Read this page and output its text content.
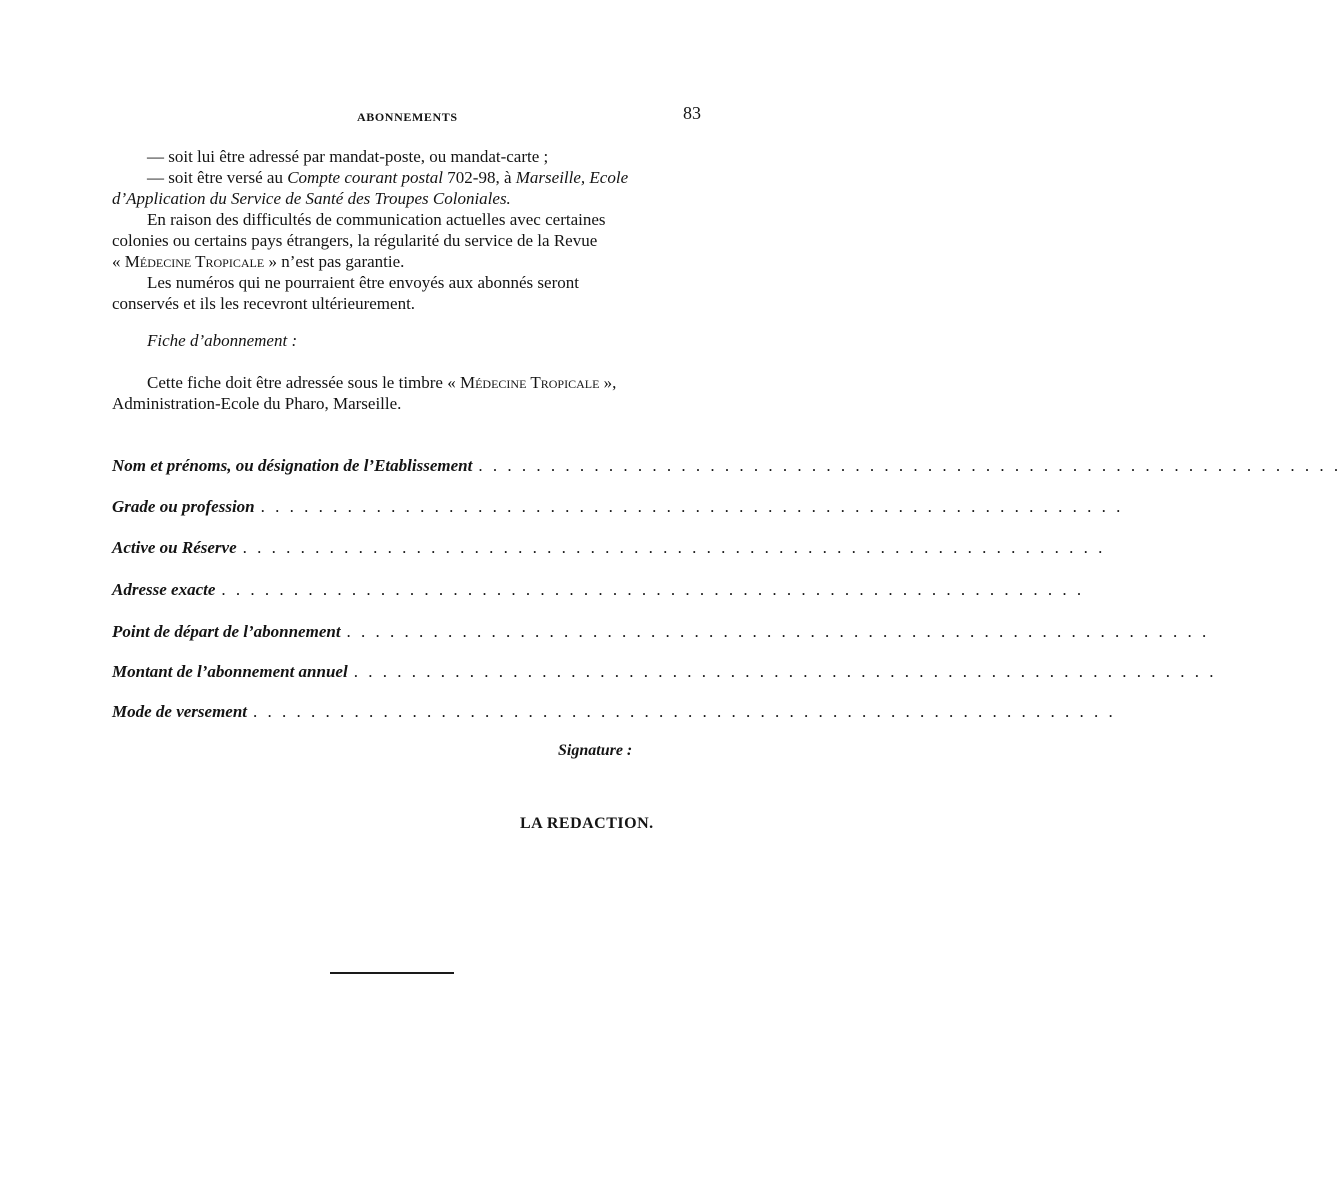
ABONNEMENTS	83
— soit lui être adressé par mandat-poste, ou mandat-carte ;
— soit être versé au Compte courant postal 702-98, à Marseille, Ecole
d’Application du Service de Santé des Troupes Coloniales.
En raison des difficultés de communication actuelles avec certaines
colonies ou certains pays étrangers, la régularité du service de la Revue
« Médecine Tropicale » n’est pas garantie.
Les numéros qui ne pourraient être envoyés aux abonnés seront
conservés et ils les recevront ultérieurement.
Fiche d’abonnement :
Cette fiche doit être adressée sous le timbre « Médecine Tropicale »,
Administration-Ecole du Pharo, Marseille.
Nom et prénoms, ou désignation de l’Etablissement . . . . . . . . . . . . . . . . . . . . . . . . . . . . . . . . . . . . . . . . . . . . . . . . . . . . . . . . . . . .
Grade ou profession . . . . . . . . . . . . . . . . . . . . . . . . . . . . . . . . . . . . . . . . . . . . . . . . . . . . . . . . . . . .
Active ou Réserve . . . . . . . . . . . . . . . . . . . . . . . . . . . . . . . . . . . . . . . . . . . . . . . . . . . . . . . . . . . .
Adresse exacte . . . . . . . . . . . . . . . . . . . . . . . . . . . . . . . . . . . . . . . . . . . . . . . . . . . . . . . . . . . .
Point de départ de l’abonnement . . . . . . . . . . . . . . . . . . . . . . . . . . . . . . . . . . . . . . . . . . . . . . . . . . . . . . . . . . . .
Montant de l’abonnement annuel . . . . . . . . . . . . . . . . . . . . . . . . . . . . . . . . . . . . . . . . . . . . . . . . . . . . . . . . . . . .
Mode de versement . . . . . . . . . . . . . . . . . . . . . . . . . . . . . . . . . . . . . . . . . . . . . . . . . . . . . . . . . . . .
Signature :
LA REDACTION.
